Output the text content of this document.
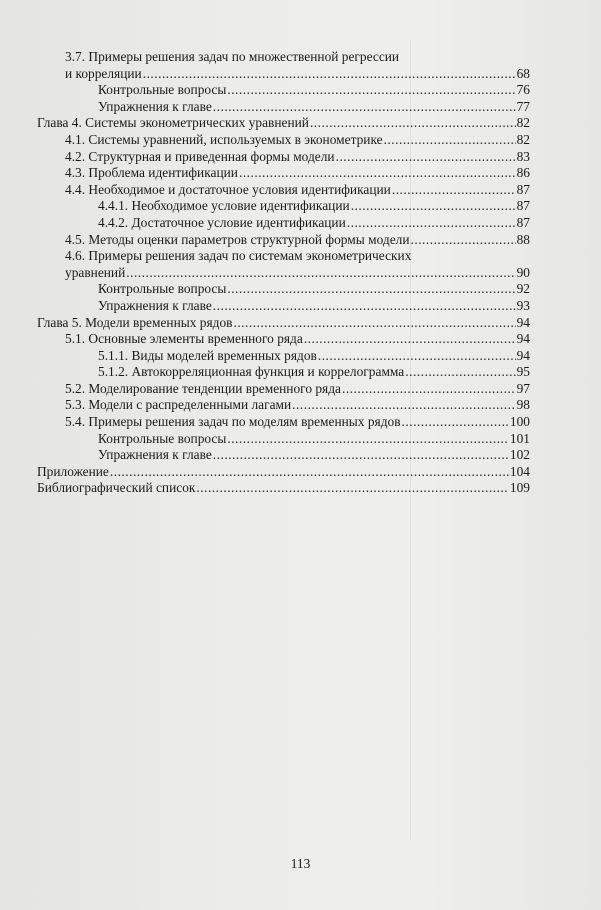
3.7. Примеры решения задач по множественной регрессии
и корреляции .....	68
Контрольные вопросы .....	76
Упражнения к главе .....	77
Глава 4. Системы эконометрических уравнений .....	82
4.1. Системы уравнений, используемых в эконометрике .....	82
4.2. Структурная и приведенная формы модели .....	83
4.3. Проблема идентификации .....	86
4.4. Необходимое и достаточное условия идентификации .....	87
4.4.1. Необходимое условие идентификации .....	87
4.4.2. Достаточное условие идентификации .....	87
4.5. Методы оценки параметров структурной формы модели .....	88
4.6. Примеры решения задач по системам эконометрических
уравнений .....	90
Контрольные вопросы .....	92
Упражнения к главе .....	93
Глава 5. Модели временных рядов .....	94
5.1. Основные элементы временного ряда .....	94
5.1.1. Виды моделей временных рядов .....	94
5.1.2. Автокорреляционная функция и коррелограмма .....	95
5.2. Моделирование тенденции временного ряда .....	97
5.3. Модели с распределенными лагами .....	98
5.4. Примеры решения задач по моделям временных рядов .....	100
Контрольные вопросы .....	101
Упражнения к главе .....	102
Приложение .....	104
Библиографический список .....	109
113
